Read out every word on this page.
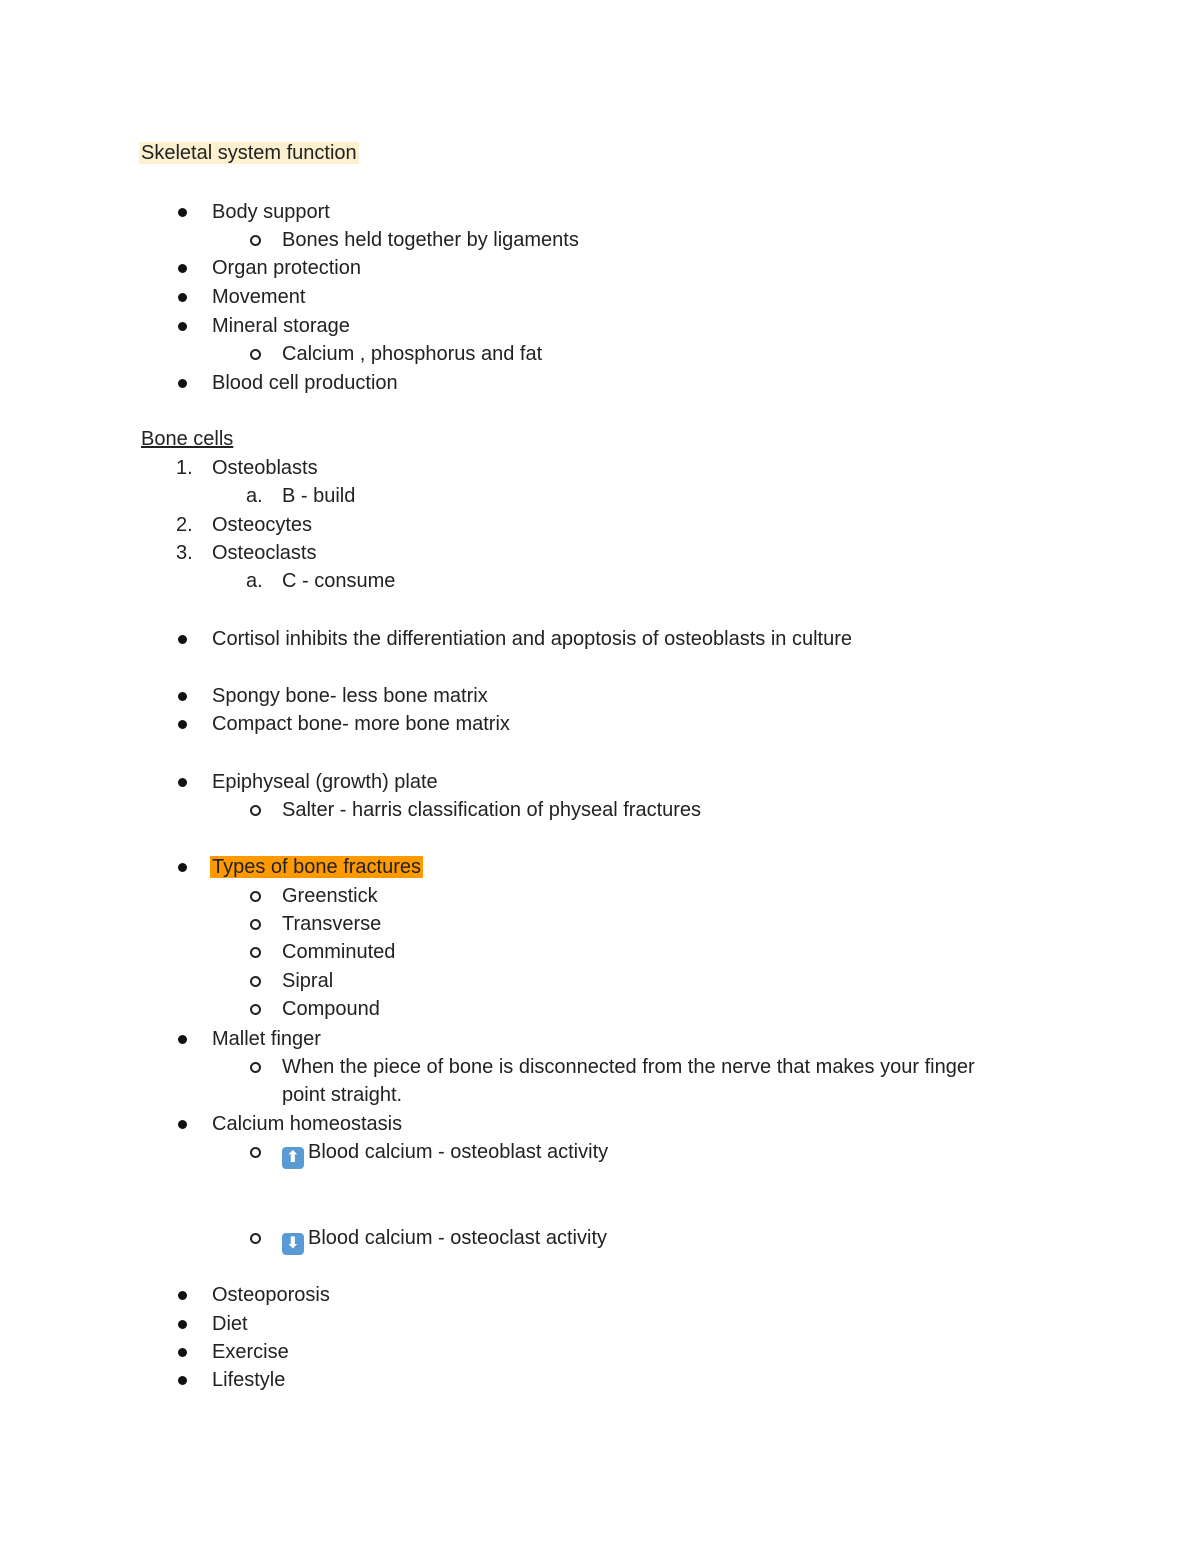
Skeletal system function
Body support
Bones held together by ligaments
Organ protection
Movement
Mineral storage
Calcium , phosphorus and fat
Blood cell production
Bone cells
1. Osteoblasts
a. B - build
2. Osteocytes
3. Osteoclasts
a. C - consume
Cortisol inhibits the differentiation and apoptosis of osteoblasts in culture
Spongy bone- less bone matrix
Compact bone- more bone matrix
Epiphyseal (growth) plate
Salter - harris classification of physeal fractures
Types of bone fractures
Greenstick
Transverse
Comminuted
Sipral
Compound
Mallet finger
When the piece of bone is disconnected from the nerve that makes your finger
point straight.
Calcium homeostasis
⬆ Blood calcium - osteoblast activity
⬇ Blood calcium - osteoclast activity
Osteoporosis
Diet
Exercise
Lifestyle
